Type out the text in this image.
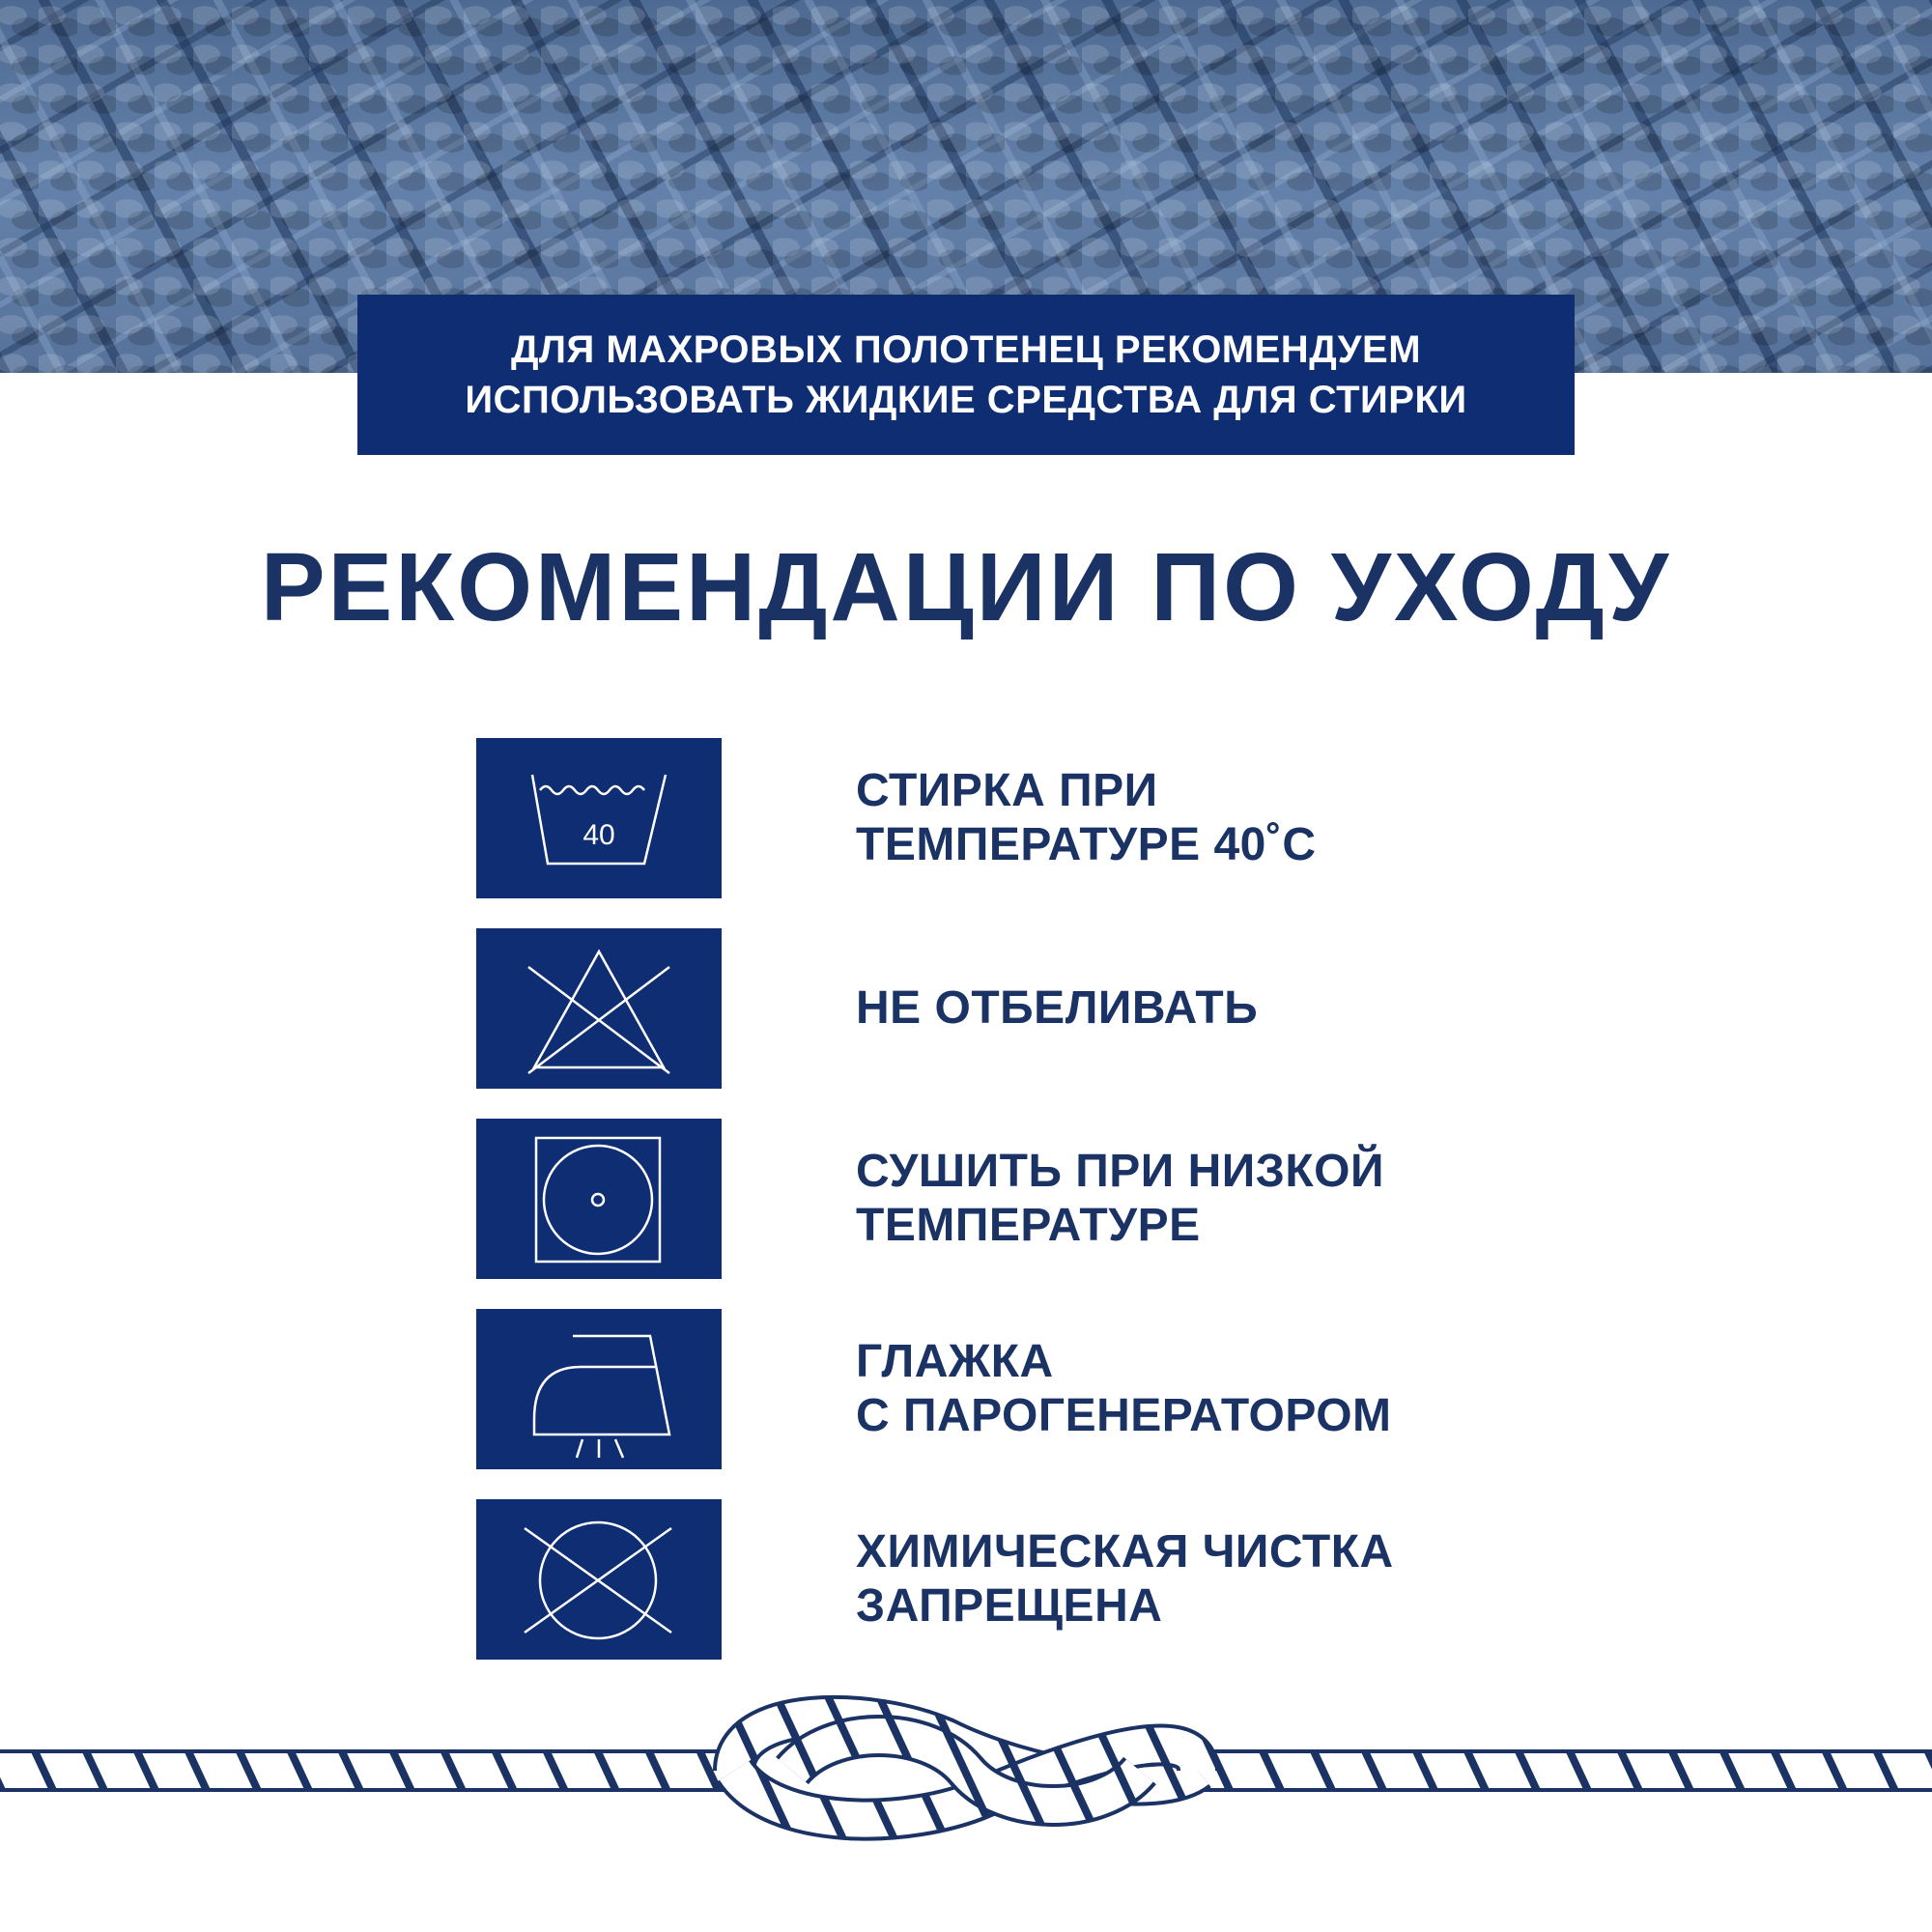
ДЛЯ МАХРОВЫХ ПОЛОТЕНЕЦ РЕКОМЕНДУЕМ
ИСПОЛЬЗОВАТЬ ЖИДКИЕ СРЕДСТВА ДЛЯ СТИРКИ
РЕКОМЕНДАЦИИ ПО УХОДУ
40
СТИРКА ПРИ
ТЕМПЕРАТУРЕ 40˚С
НЕ ОТБЕЛИВАТЬ
СУШИТЬ ПРИ НИЗКОЙ
ТЕМПЕРАТУРЕ
ГЛАЖКА
С ПАРОГЕНЕРАТОРОМ
ХИМИЧЕСКАЯ ЧИСТКА
ЗАПРЕЩЕНА
